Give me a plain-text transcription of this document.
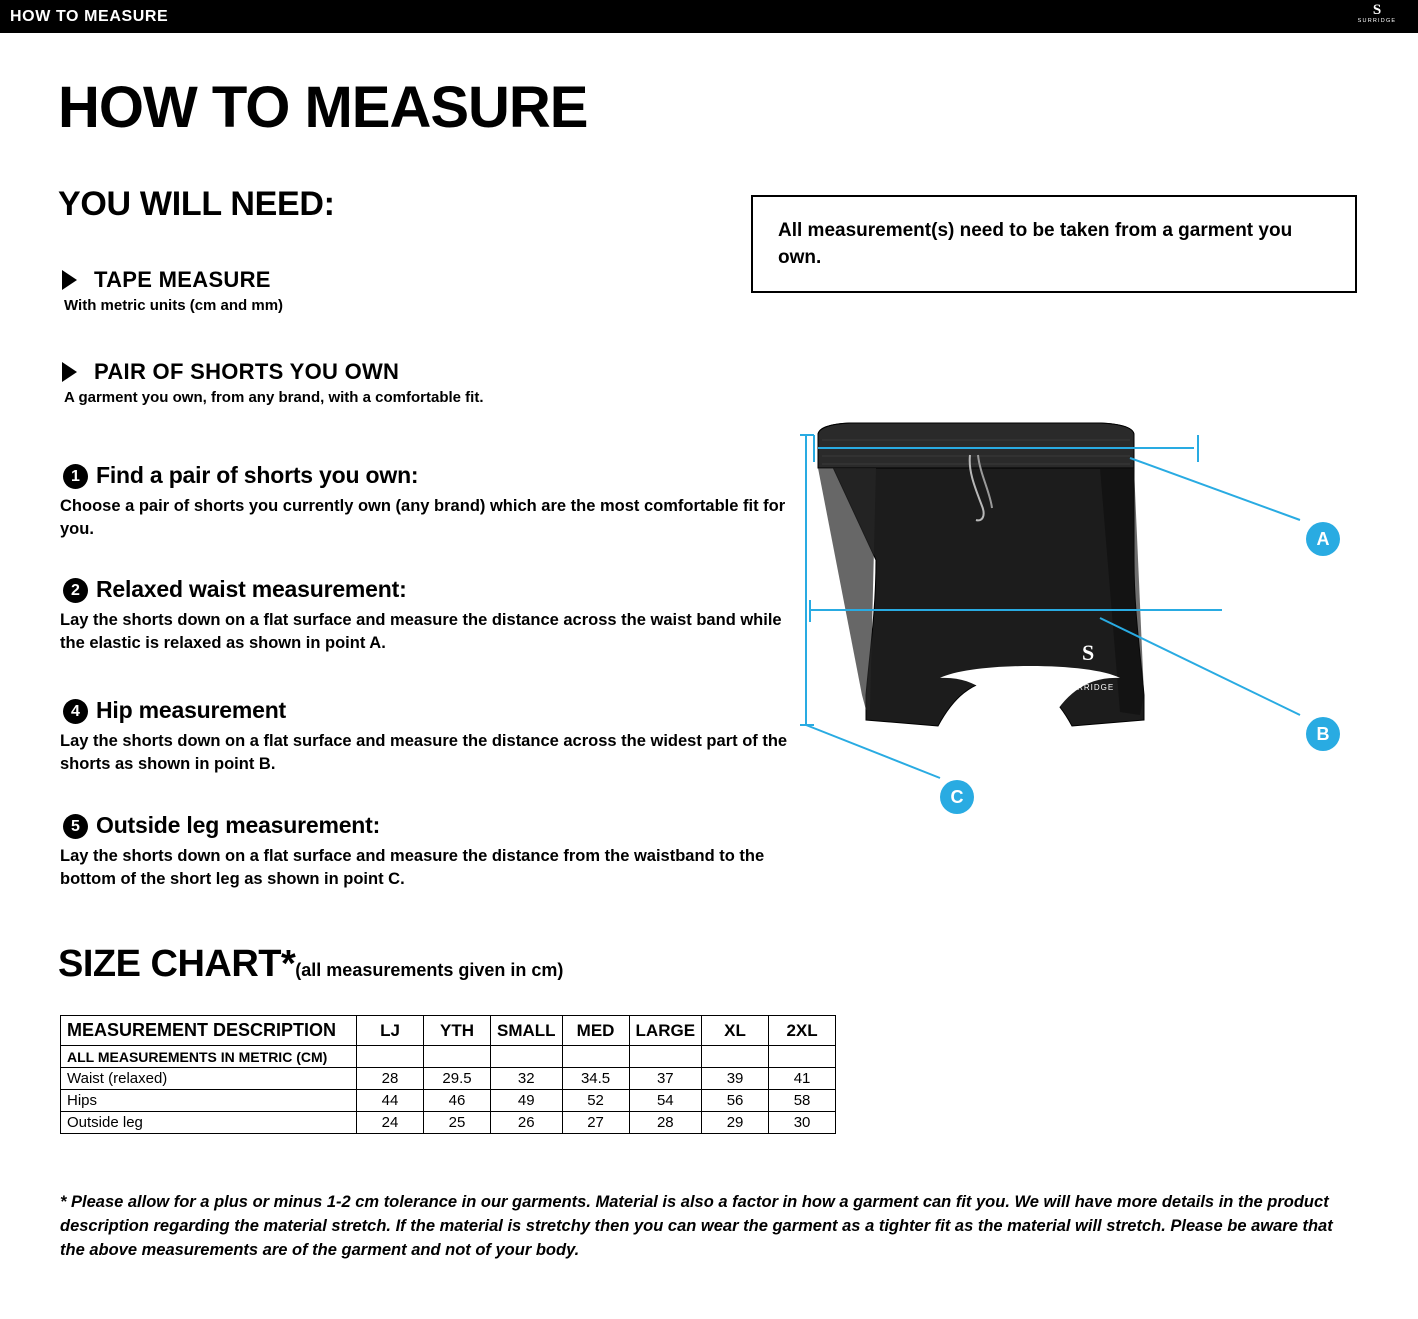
HOW TO MEASURE	S
SURRIDGE
HOW TO MEASURE
YOU WILL NEED:
All measurement(s) need to be taken from a garment you own.
TAPE MEASURE
With metric units (cm and mm)
PAIR OF SHORTS YOU OWN
A garment you own, from any brand, with a comfortable fit.
1 Find a pair of shorts you own:
Choose a pair of shorts you currently own (any brand) which are the most comfortable fit for you.
2 Relaxed waist measurement:
Lay the shorts down on a flat surface and measure the distance across the waist band while the elastic is relaxed as shown in point A.
4 Hip measurement
Lay the shorts down on a flat surface and measure the distance across the widest part of the shorts as shown in point B.
5 Outside leg measurement:
Lay the shorts down on a flat surface and measure the distance from the waistband to the bottom of the short leg as shown in point C.
S
SURRIDGE
A
B
C
SIZE CHART*(all measurements given in cm)
MEASUREMENT DESCRIPTION	LJ	YTH	SMALL	MED	LARGE	XL	2XL
ALL MEASUREMENTS IN METRIC (CM)							
Waist (relaxed)	28	29.5	32	34.5	37	39	41
Hips	44	46	49	52	54	56	58
Outside leg	24	25	26	27	28	29	30
* Please allow for a plus or minus 1-2 cm tolerance in our garments. Material is also a factor in how a garment can fit you. We will have more details in the product description regarding the material stretch. If the material is stretchy then you can wear the garment as a tighter fit as the material will stretch. Please be aware that the above measurements are of the garment and not of your body.
